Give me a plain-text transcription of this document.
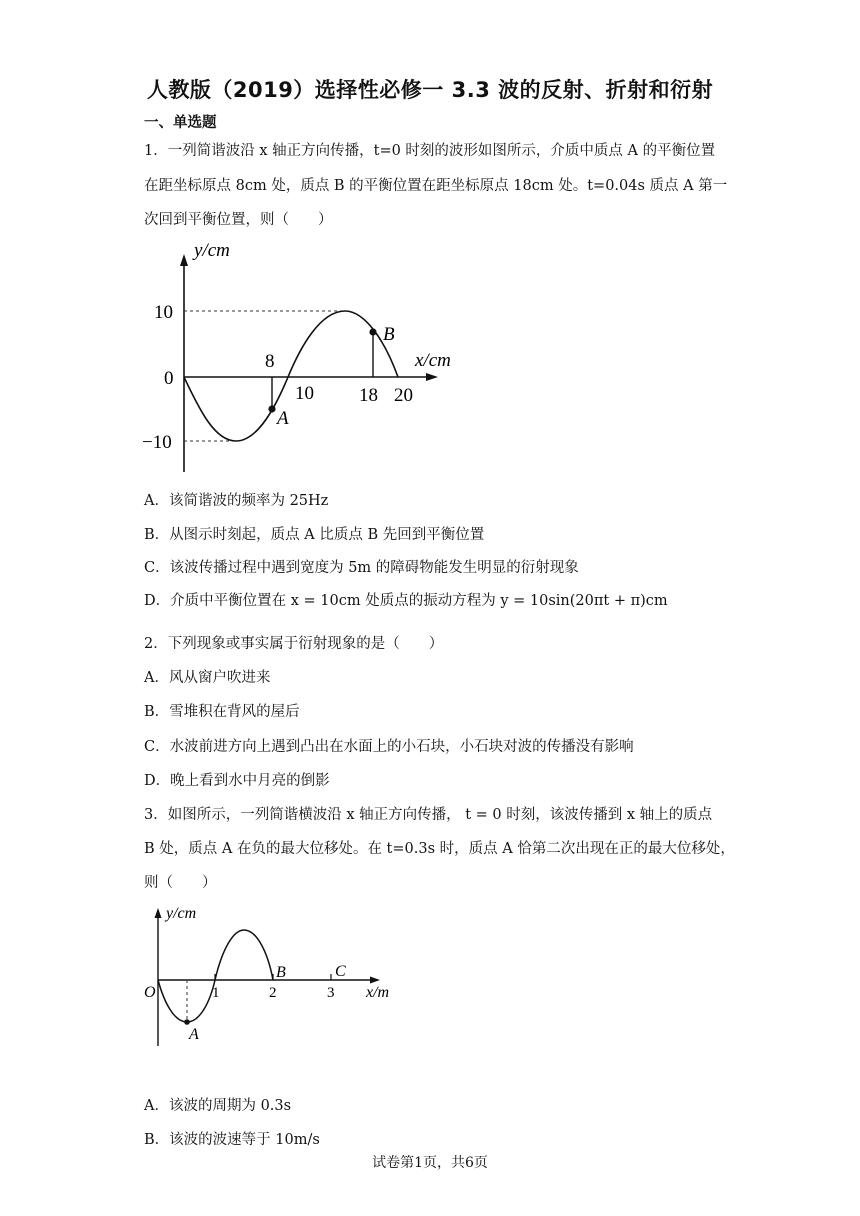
人教版（2019）选择性必修一 3.3 波的反射、折射和衍射
一、单选题
1．一列简谐波沿 x 轴正方向传播，t=0 时刻的波形如图所示，介质中质点 A 的平衡位置
在距坐标原点 8cm 处，质点 B 的平衡位置在距坐标原点 18cm 处。t=0.04s 质点 A 第一
次回到平衡位置，则（　　）
y/cm
x/cm
0
10
−10
8
10 18 20
A
B
A．该简谐波的频率为 25Hz
B．从图示时刻起，质点 A 比质点 B 先回到平衡位置
C．该波传播过程中遇到宽度为 5m 的障碍物能发生明显的衍射现象
D．介质中平衡位置在 x = 10cm 处质点的振动方程为 y = 10sin(20πt + π)cm
2．下列现象或事实属于衍射现象的是（　　）
A．风从窗户吹进来
B．雪堆积在背风的屋后
C．水波前进方向上遇到凸出在水面上的小石块，小石块对波的传播没有影响
D．晚上看到水中月亮的倒影
3．如图所示，一列简谐横波沿 x 轴正方向传播， t = 0 时刻，该波传播到 x 轴上的质点
B 处，质点 A 在负的最大位移处。在 t=0.3s 时，质点 A 恰第二次出现在正的最大位移处，
则（　　）
y/cm
x/m
O	1	2	3
A
B	C
A．该波的周期为 0.3s
B．该波的波速等于 10m/s
试卷第1页，共6页
